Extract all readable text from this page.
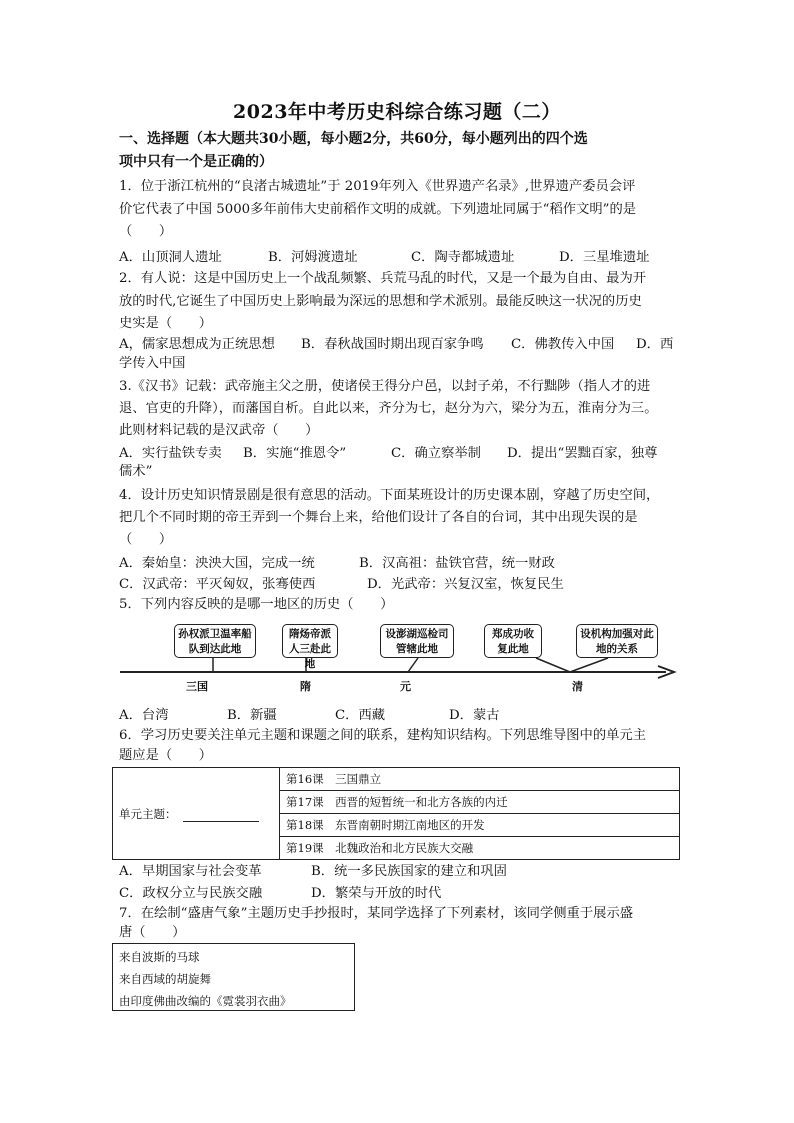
2023年中考历史科综合练习题（二）
一、选择题（本大题共30小题，每小题2分，共60分，每小题列出的四个选
项中只有一个是正确的）
1．位于浙江杭州的“良渚古城遗址”于 2019年列入《世界遗产名录》,世界遗产委员会评
价它代表了中国 5000多年前伟大史前稻作文明的成就。下列遗址同属于“稻作文明”的是
（　　）
A．山顶洞人遗址	B．河姆渡遗址	C．陶寺都城遗址	D．三星堆遗址
2．有人说：这是中国历史上一个战乱频繁、兵荒马乱的时代，又是一个最为自由、最为开
放的时代,它诞生了中国历史上影响最为深远的思想和学术派别。最能反映这一状况的历史
史实是（　　）
A，儒家思想成为正统思想 B．春秋战国时期出现百家争鸣 C．佛教传入中国 D．西
学传入中国
3.《汉书》记载：武帝施主父之册，使诸侯王得分户邑，以封子弟，不行黜陟（指人才的进
退、官吏的升降），而藩国自析。自此以来，齐分为七，赵分为六，梁分为五，淮南分为三。
此则材料记载的是汉武帝（　　）
A．实行盐铁专卖 B．实施“推恩令”	C．确立察举制 D．提出“罢黜百家，独尊
儒术”
4．设计历史知识情景剧是很有意思的活动。下面某班设计的历史课本剧，穿越了历史空间，
把几个不同时期的帝王弄到一个舞台上来，给他们设计了各自的台词，其中出现失误的是
（　　）
A．秦始皇：泱泱大国，完成一统	B．汉高祖：盐铁官营，统一财政
C．汉武帝：平灭匈奴，张骞使西	D．光武帝：兴复汉室，恢复民生
5．下列内容反映的是哪一地区的历史（　　）
孙权派卫温率船队到达此地
隋炀帝派人三赴此地
设澎湖巡检司管辖此地
郑成功收复此地
设机构加强对此地的关系
三国	隋	元	清
A．台湾	B．新疆	C．西藏	D．蒙古
6．学习历史要关注单元主题和课题之间的联系，建构知识结构。下列思维导图中的单元主
题应是（　　）
单元主题：	第16课　三国鼎立
第17课　西晋的短暂统一和北方各族的内迁
第18课　东晋南朝时期江南地区的开发
第19课　北魏政治和北方民族大交融
A．早期国家与社会变革	B．统一多民族国家的建立和巩固
C．政权分立与民族交融	D．繁荣与开放的时代
7．在绘制“盛唐气象”主题历史手抄报时，某同学选择了下列素材，该同学侧重于展示盛
唐（　　）
来自波斯的马球
来自西域的胡旋舞
由印度佛曲改编的《霓裳羽衣曲》
